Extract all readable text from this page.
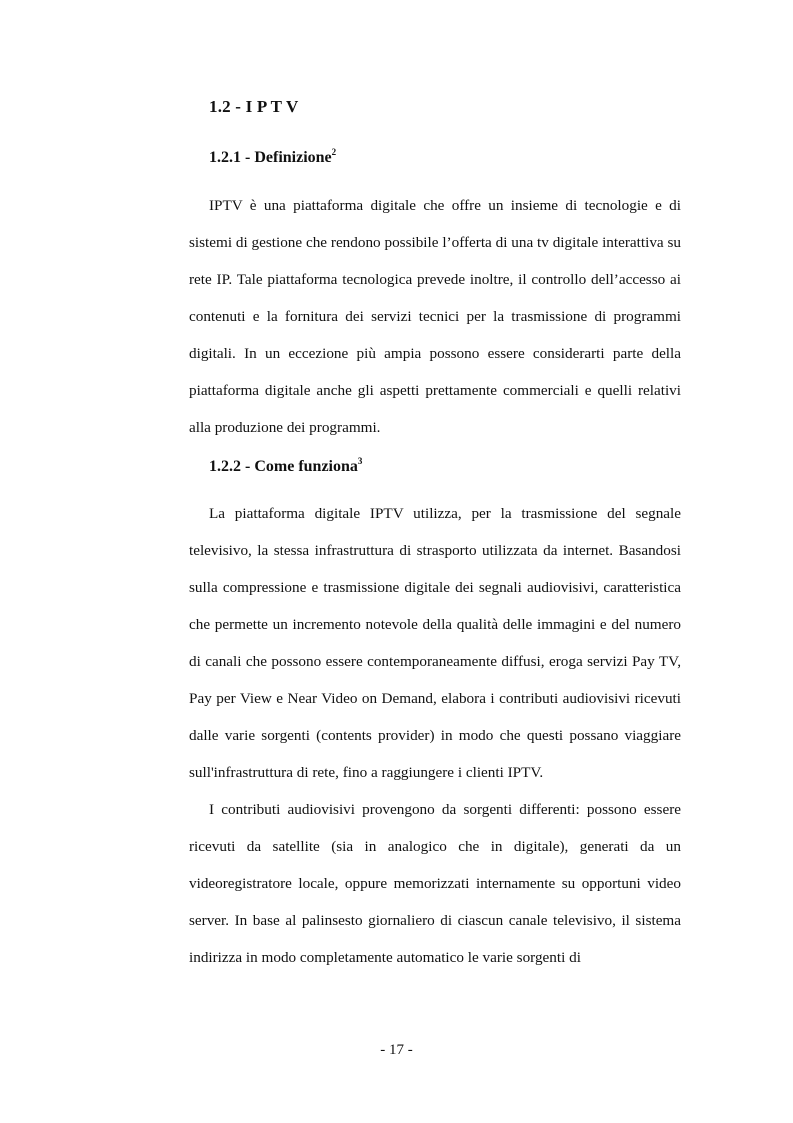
1.2 - I P T V
1.2.1 - Definizione$^2$

IPTV è una piattaforma digitale che offre un insieme di tecnologie e di sistemi di gestione che rendono possibile l’offerta di una tv digitale interattiva su rete IP. Tale piattaforma tecnologica prevede inoltre, il controllo dell’accesso ai contenuti e la fornitura dei servizi tecnici per la trasmissione di programmi digitali. In un eccezione più ampia possono essere considerarti parte della piattaforma digitale anche gli aspetti prettamente commerciali e quelli relativi alla produzione dei programmi.

1.2.2 - Come funziona$^3$

La piattaforma digitale IPTV utilizza, per la trasmissione del segnale televisivo, la stessa infrastruttura di strasporto utilizzata da internet. Basandosi sulla compressione e trasmissione digitale dei segnali audiovisivi, caratteristica che permette un incremento notevole della qualità delle immagini e del numero di canali che possono essere contemporaneamente diffusi, eroga servizi Pay TV, Pay per View e Near Video on Demand, elabora i contributi audiovisivi ricevuti dalle varie sorgenti (contents provider) in modo che questi possano viaggiare sull'infrastruttura di rete, fino a raggiungere i clienti IPTV.

I contributi audiovisivi provengono da sorgenti differenti: possono essere ricevuti da satellite (sia in analogico che in digitale), generati da un videoregistratore locale, oppure memorizzati internamente su opportuni video server. In base al palinsesto giornaliero di ciascun canale televisivo, il sistema indirizza in modo completamente automatico le varie sorgenti di

- 17 -
